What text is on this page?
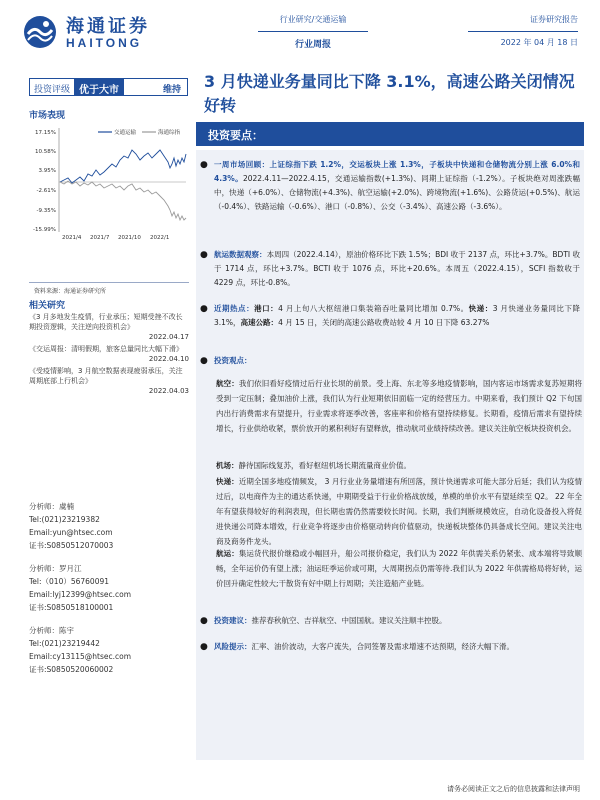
海通证券
HAITONG
行业研究/交通运输
行业周报
证券研究报告
2022 年 04 月 18 日
投资评级 优于大市	维持	3 月快递业务量同比下降 3.1%，高速公路关闭情况好转
市场表现
17.15%
10.58%
3.95%
-2.61%
-9.35%
-15.99%
2021/4 2021/7 2021/10 2022/1
交通运输	海通综指
资料来源：海通证券研究所
相关研究
《3 月多地发生疫情，行业承压；短期受挫不改长期投资逻辑，关注逆向投资机会》
2022.04.17
《交运周报：清明假期，旅客总量同比大幅下滑》
2022.04.10
《受疫情影响，3 月航空数据表现疲弱承压，关注周期底部上行机会》
2022.04.03
分析师：虞楠
Tel:(021)23219382
Email:yun@htsec.com
证书:S0850512070003
分析师：罗月江
Tel:（010）56760091
Email:lyj12399@htsec.com
证书:S0850518100001
分析师：陈宇
Tel:(021)23219442
Email:cy13115@htsec.com
证书:S0850520060002
投资要点：
● 一周市场回顾：上证综指下跌 1.2%，交运板块上涨 1.3%，子板块中快递和仓储物流分别上涨 6.0%和 4.3%。2022.4.11—2022.4.15，交通运输指数(+1.3%)、同期上证综指（-1.2%）。子板块绝对周涨跌幅中，快递（+6.0%）、仓储物流(+4.3%)、航空运输(+2.0%)、跨境物流(+1.6%)、公路货运(+0.5%)、航运（-0.4%）、铁路运输（-0.6%）、港口（-0.8%）、公交（-3.4%）、高速公路（-3.6%）。
● 航运数据观察：本周四（2022.4.14），原油价格环比下跌 1.5%；BDI 收于 2137 点，环比+3.7%。BDTI 收于 1714 点，环比+3.7%。BCTI 收于 1076 点，环比+20.6%。本周五（2022.4.15），SCFI 指数收于 4229 点，环比-0.8%。
● 近期热点：港口：4 月上旬八大枢纽港口集装箱吞吐量同比增加 0.7%。快递：3 月快递业务量同比下降 3.1%，高速公路：4 月 15 日，关闭的高速公路收费站较 4 月 10 日下降 63.27%
● 投资观点：
航空：我们依旧看好疫情过后行业长坝的前景。受上海、东北等多地疫情影响，国内客运市场需求复苏短期将受到一定压制；叠加油价上涨，我们认为行业短期依旧面临一定的经营压力。中期来看，我们预计 Q2 下旬国内出行消费需求有望提升，行业需求将逐季改善，客座率和价格有望持续修复。长期看，疫情后需求有望持续增长，行业供给收紧，票价放开的累积利好有望释放，推动航司业绩持续改善。建议关注航空板块投资机会。
机场：静待国际线复苏，看好枢纽机场长期流量商业价值。
快递：近期全国多地疫情频发， 3 月行业业务量增速有所回落，预计快递需求可能大部分后延；我们认为疫情过后，以电商件为主的通达系快递，中期期受益于行业价格战放缓，单模的单价水平有望延续至 Q2。 22 年全年有望获得较好的利润表现，但长期也需仍然需要较长时间。长期，我们判断规模效应，自动化设备投入将促进快递公司降本增效，行业竞争将逐步由价格驱动转向价值驱动，快递板块整体仍具备成长空间。建议关注电商及商务件龙头。
航运：集运货代报价继稳或小幅回升，船公司报价稳定，我们认为 2022 年供需关系仍紧张、成本端将导致顺畅，全年运价仍有望上涨；油运旺季运价或可期，大周期拐点仍需等待.我们认为 2022 年供需格局将好转，运价回升确定性较大;干散货有好中期上行周期；关注造船产业链。
● 投资建议：推荐春秋航空、吉祥航空、中国国航。建议关注顺丰控股。
● 风险提示：汇率、油价波动，大客户流失，合同签署及需求增速不达预期，经济大幅下滑。
请务必阅读正文之后的信息披露和法律声明
